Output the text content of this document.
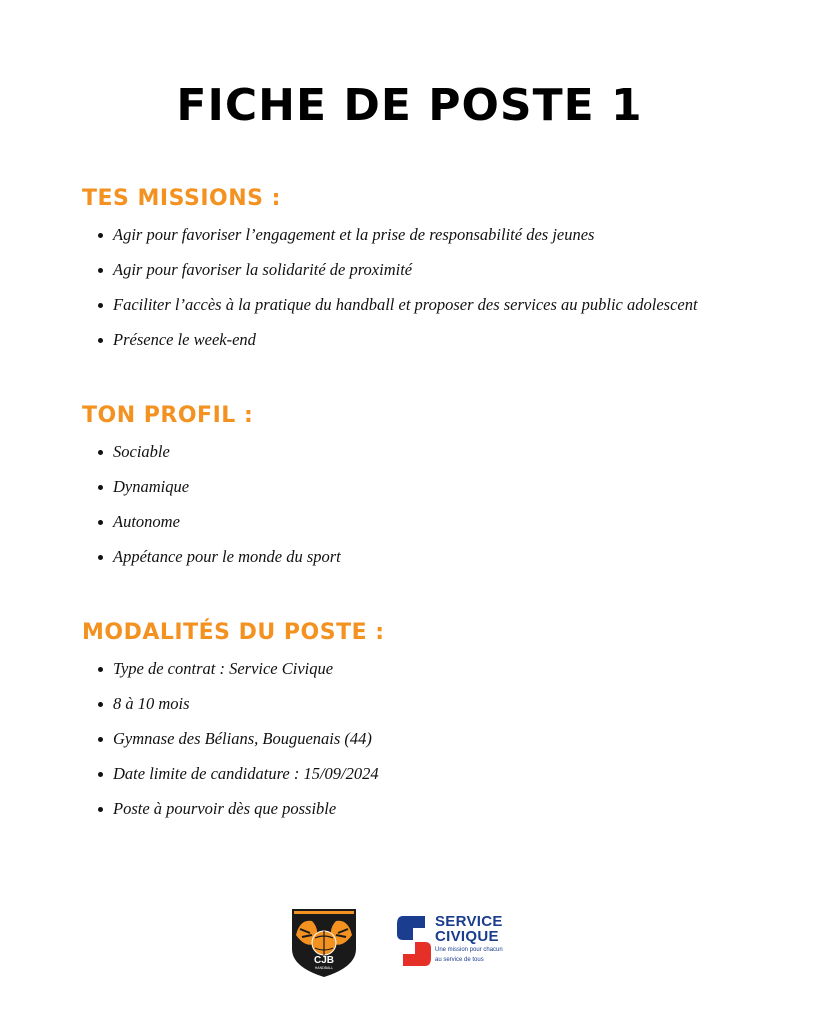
FICHE DE POSTE 1
TES MISSIONS :
Agir pour favoriser l’engagement et la prise de responsabilité des jeunes
Agir pour favoriser la solidarité de proximité
Faciliter l’accès à la pratique du handball et proposer des services au public adolescent
Présence le week-end
TON PROFIL :
Sociable
Dynamique
Autonome
Appétance pour le monde du sport
MODALITÉS DU POSTE :
Type de contrat : Service Civique
8 à 10 mois
Gymnase des Bélians, Bouguenais (44)
Date limite de candidature : 15/09/2024
Poste à pourvoir dès que possible
CJB
HANDBALL
SERVICE
CIVIQUE
Une mission pour chacun
au service de tous
